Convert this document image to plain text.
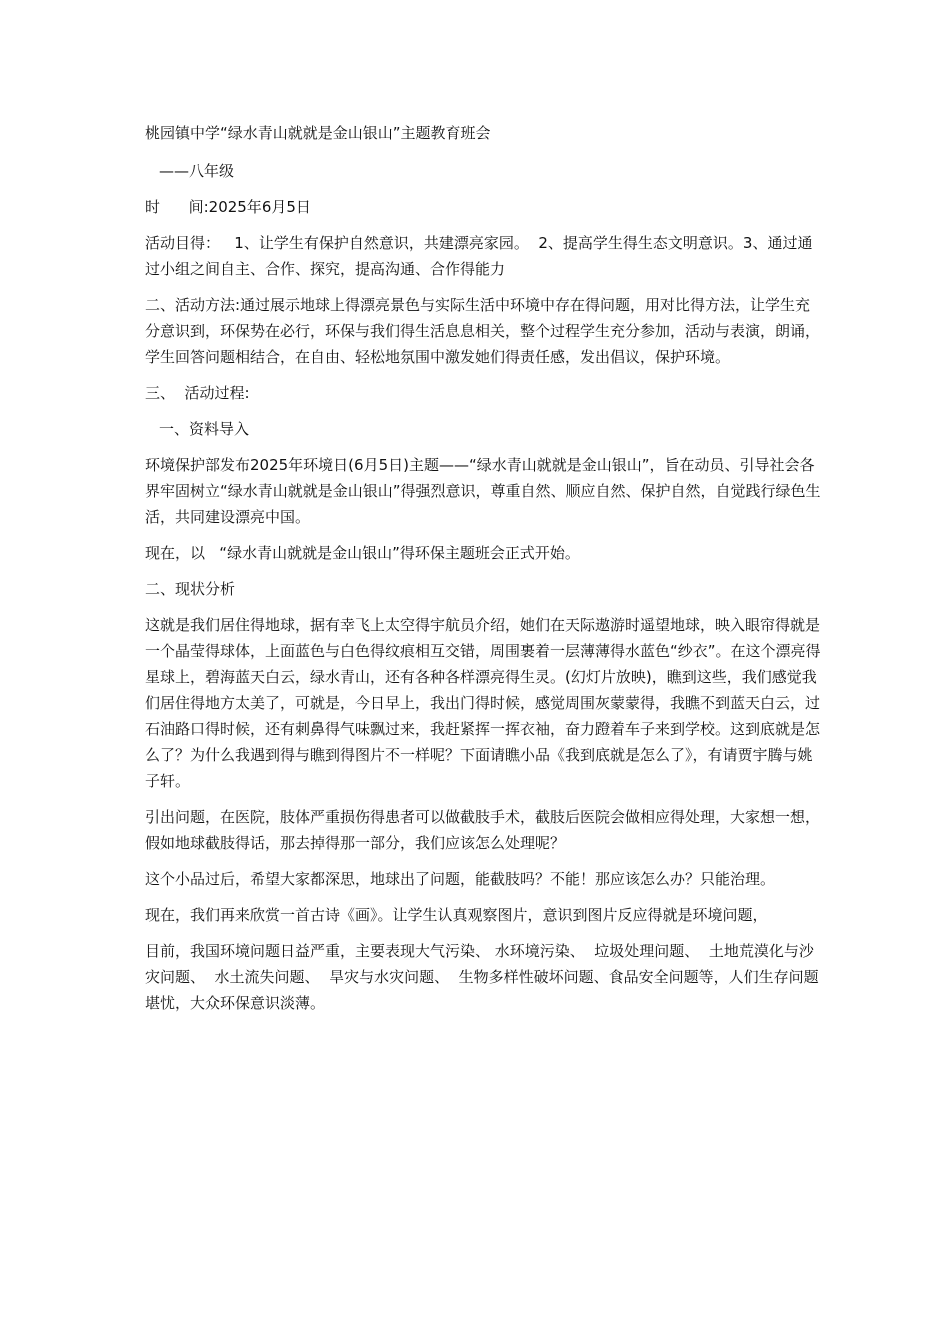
桃园镇中学“绿水青山就就是金山银山”主题教育班会

——八年级

时      间:2025年6月5日

活动目得：   1、让学生有保护自然意识，共建漂亮家园。  2、提高学生得生态文明意识。3、通过通过小组之间自主、合作、探究，提高沟通、合作得能力

二、活动方法:通过展示地球上得漂亮景色与实际生活中环境中存在得问题，用对比得方法，让学生充分意识到，环保势在必行，环保与我们得生活息息相关，整个过程学生充分参加，活动与表演，朗诵，学生回答问题相结合，在自由、轻松地氛围中激发她们得责任感，发出倡议，保护环境。

三、  活动过程:

一、资料导入

环境保护部发布2025年环境日(6月5日)主题——“绿水青山就就是金山银山”，旨在动员、引导社会各界牢固树立“绿水青山就就是金山银山”得强烈意识，尊重自然、顺应自然、保护自然，自觉践行绿色生活，共同建设漂亮中国。

现在，以   “绿水青山就就是金山银山”得环保主题班会正式开始。

二、现状分析

这就是我们居住得地球，据有幸飞上太空得宇航员介绍，她们在天际遨游时遥望地球，映入眼帘得就是一个晶莹得球体，上面蓝色与白色得纹痕相互交错，周围裹着一层薄薄得水蓝色“纱衣”。在这个漂亮得星球上，碧海蓝天白云，绿水青山，还有各种各样漂亮得生灵。(幻灯片放映)，瞧到这些，我们感觉我们居住得地方太美了，可就是，今日早上，我出门得时候，感觉周围灰蒙蒙得，我瞧不到蓝天白云，过石油路口得时候，还有刺鼻得气味飘过来，我赶紧挥一挥衣袖，奋力蹬着车子来到学校。这到底就是怎么了？为什么我遇到得与瞧到得图片不一样呢？下面请瞧小品《我到底就是怎么了》，有请贾宇腾与姚子轩。

引出问题，在医院，肢体严重损伤得患者可以做截肢手术，截肢后医院会做相应得处理，大家想一想，假如地球截肢得话，那去掉得那一部分，我们应该怎么处理呢？

这个小品过后，希望大家都深思，地球出了问题，能截肢吗？不能！那应该怎么办？只能治理。

现在，我们再来欣赏一首古诗《画》。让学生认真观察图片，意识到图片反应得就是环境问题，

目前，我国环境问题日益严重，主要表现大气污染、 水环境污染、  垃圾处理问题、  土地荒漠化与沙灾问题、  水土流失问题、  旱灾与水灾问题、  生物多样性破坏问题、食品安全问题等，人们生存问题堪忧，大众环保意识淡薄。
